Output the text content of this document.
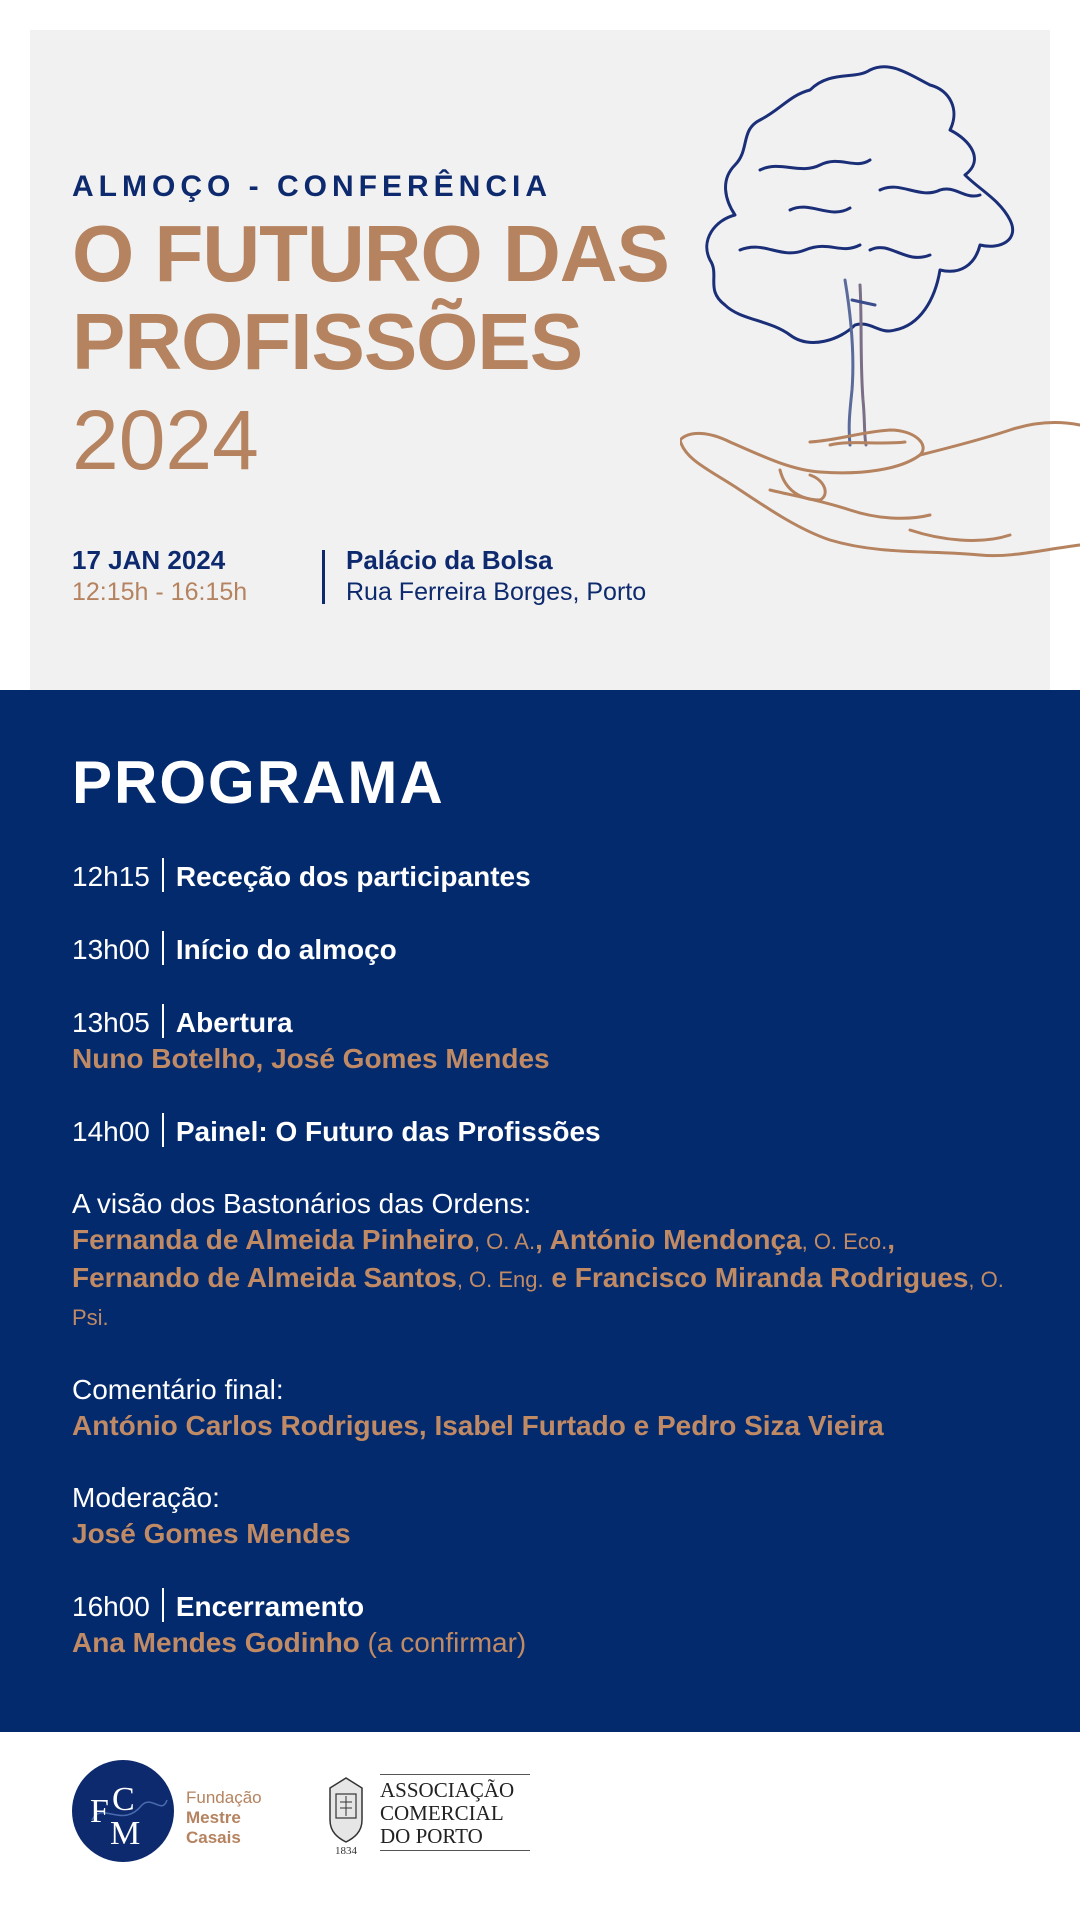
ALMOÇO - CONFERÊNCIA
O FUTURO DAS
PROFISSÕES
2024
17 JAN 2024
12:15h - 16:15h
Palácio da Bolsa
Rua Ferreira Borges, Porto
PROGRAMA
12h15 Receção dos participantes
13h00 Início do almoço
13h05 Abertura
Nuno Botelho, José Gomes Mendes
14h00 Painel: O Futuro das Profissões
A visão dos Bastonários das Ordens:
Fernanda de Almeida Pinheiro, O. A., António Mendonça, O. Eco., Fernando de Almeida Santos, O. Eng. e Francisco Miranda Rodrigues, O. Psi.
Comentário final:
António Carlos Rodrigues, Isabel Furtado e Pedro Siza Vieira
Moderação:
José Gomes Mendes
16h00 Encerramento
Ana Mendes Godinho (a confirmar)
F C
M
Fundação
Mestre
Casais
1834
ASSOCIAÇÃO
COMERCIAL
DO PORTO
